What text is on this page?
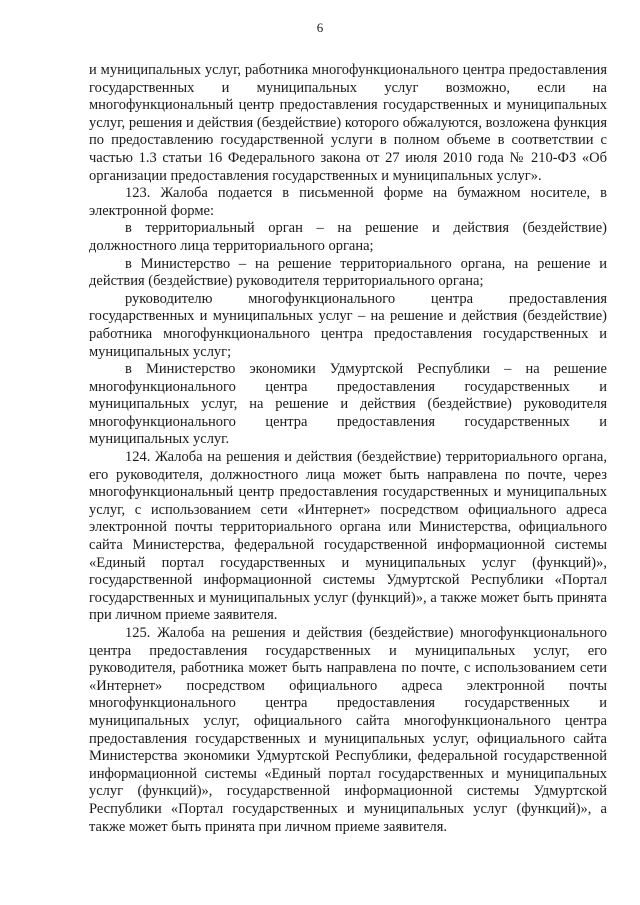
6

и муниципальных услуг, работника многофункционального центра предоставления государственных и муниципальных услуг возможно, если на многофункциональный центр предоставления государственных и муниципальных услуг, решения и действия (бездействие) которого обжалуются, возложена функция по предоставлению государственной услуги в полном объеме в соответствии с частью 1.3 статьи 16 Федерального закона от 27 июля 2010 года № 210-ФЗ «Об организации предоставления государственных и муниципальных услуг».

123. Жалоба подается в письменной форме на бумажном носителе, в электронной форме:

в территориальный орган – на решение и действия (бездействие) должностного лица территориального органа;

в Министерство – на решение территориального органа, на решение и действия (бездействие) руководителя территориального органа;

руководителю многофункционального центра предоставления государственных и муниципальных услуг – на решение и действия (бездействие) работника многофункционального центра предоставления государственных и муниципальных услуг;

в Министерство экономики Удмуртской Республики – на решение многофункционального центра предоставления государственных и муниципальных услуг, на решение и действия (бездействие) руководителя многофункционального центра предоставления государственных и муниципальных услуг.

124. Жалоба на решения и действия (бездействие) территориального органа, его руководителя, должностного лица может быть направлена по почте, через многофункциональный центр предоставления государственных и муниципальных услуг, с использованием сети «Интернет» посредством официального адреса электронной почты территориального органа или Министерства, официального сайта Министерства, федеральной государственной информационной системы «Единый портал государственных и муниципальных услуг (функций)», государственной информационной системы Удмуртской Республики «Портал государственных и муниципальных услуг (функций)», а также может быть принята при личном приеме заявителя.

125. Жалоба на решения и действия (бездействие) многофункционального центра предоставления государственных и муниципальных услуг, его руководителя, работника может быть направлена по почте, с использованием сети «Интернет» посредством официального адреса электронной почты многофункционального центра предоставления государственных и муниципальных услуг, официального сайта многофункционального центра предоставления государственных и муниципальных услуг, официального сайта Министерства экономики Удмуртской Республики, федеральной государственной информационной системы «Единый портал государственных и муниципальных услуг (функций)», государственной информационной системы Удмуртской Республики «Портал государственных и муниципальных услуг (функций)», а также может быть принята при личном приеме заявителя.
